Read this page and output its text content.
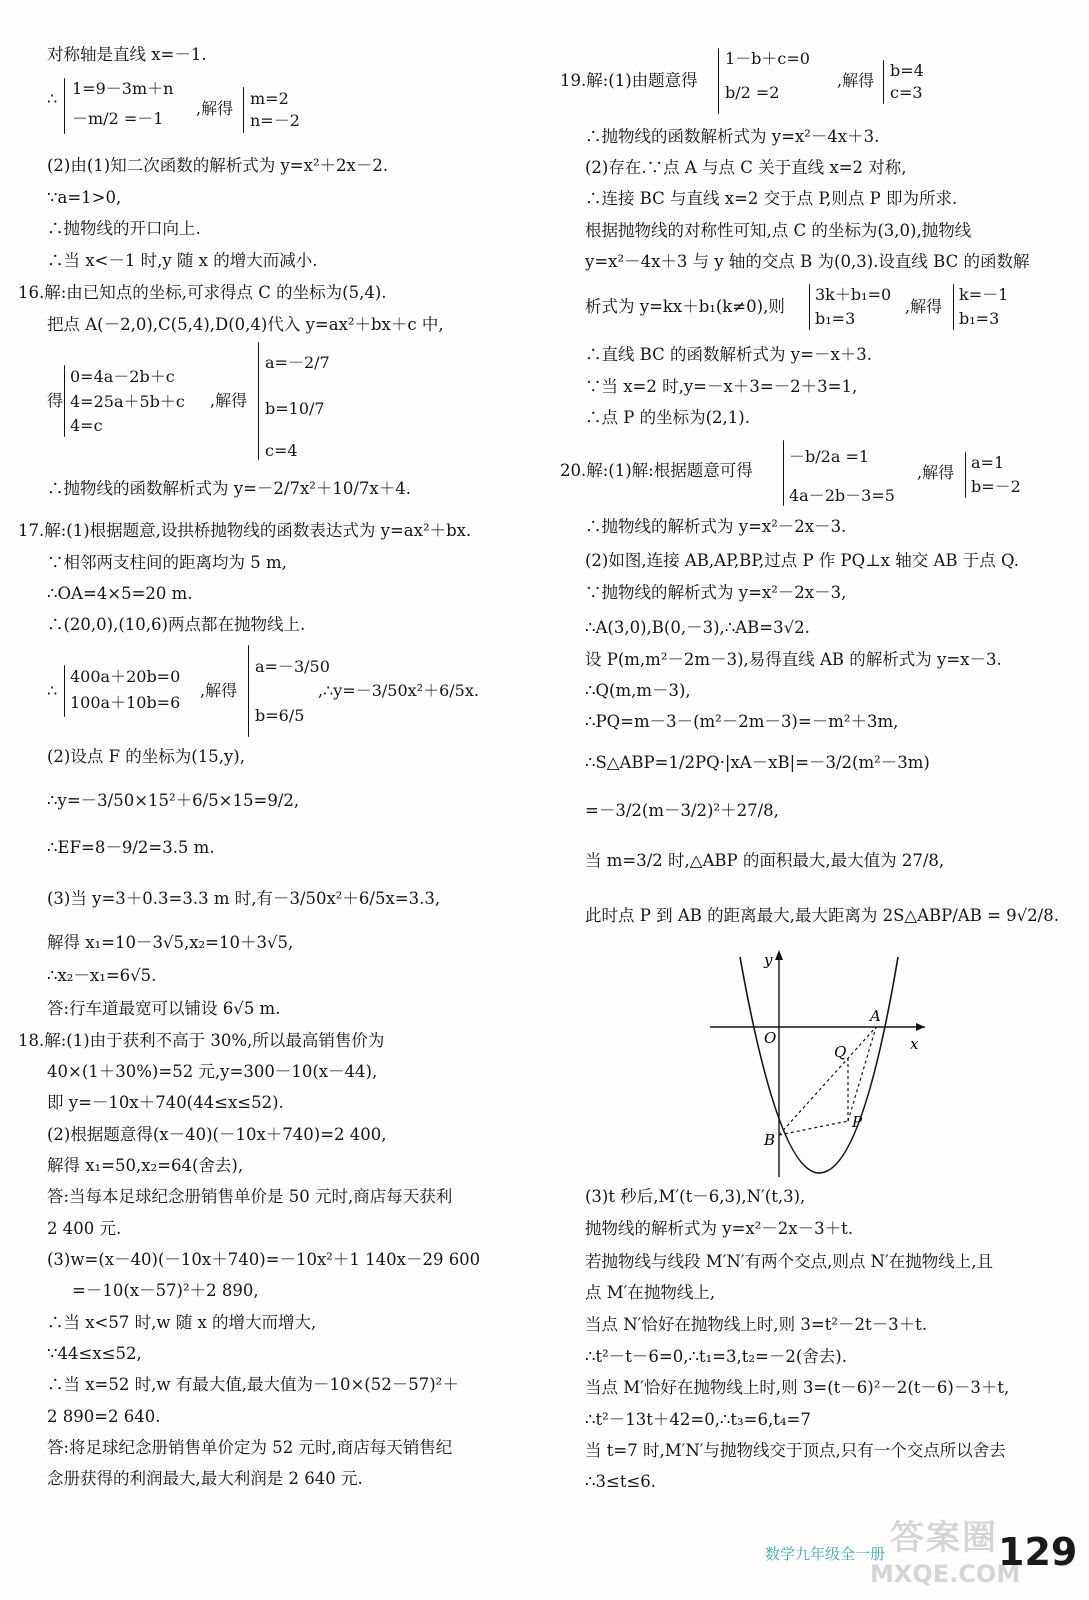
对称轴是直线 x=－1.
∴
1=9－3m＋n
－m/2 =－1
,解得
m=2
n=－2
(2)由(1)知二次函数的解析式为 y=x²＋2x－2.
∵a=1>0,
∴抛物线的开口向上.
∴当 x<－1 时,y 随 x 的增大而减小.
16.解:由已知点的坐标,可求得点 C 的坐标为(5,4).
把点 A(－2,0),C(5,4),D(0,4)代入 y=ax²＋bx＋c 中,
得
0=4a－2b＋c
4=25a＋5b＋c
4=c
,解得
a=－2/7
b=10/7
c=4
∴抛物线的函数解析式为 y=－2/7x²＋10/7x＋4.
17.解:(1)根据题意,设拱桥抛物线的函数表达式为 y=ax²＋bx.
∵相邻两支柱间的距离均为 5 m,
∴OA=4×5=20 m.
∴(20,0),(10,6)两点都在抛物线上.
∴
400a＋20b=0
100a＋10b=6
,解得
a=－3/50
b=6/5
,∴y=－3/50x²＋6/5x.
(2)设点 F 的坐标为(15,y),
∴y=－3/50×15²＋6/5×15=9/2,
∴EF=8－9/2=3.5 m.
(3)当 y=3＋0.3=3.3 m 时,有－3/50x²＋6/5x=3.3,
解得 x₁=10－3√5,x₂=10＋3√5,
∴x₂－x₁=6√5.
答:行车道最宽可以铺设 6√5 m.
18.解:(1)由于获利不高于 30%,所以最高销售价为
40×(1＋30%)=52 元,y=300－10(x－44),
即 y=－10x＋740(44≤x≤52).
(2)根据题意得(x－40)(－10x＋740)=2 400,
解得 x₁=50,x₂=64(舍去),
答:当每本足球纪念册销售单价是 50 元时,商店每天获利
2 400 元.
(3)w=(x－40)(－10x＋740)=－10x²＋1 140x－29 600
=－10(x－57)²＋2 890,
∴当 x<57 时,w 随 x 的增大而增大,
∵44≤x≤52,
∴当 x=52 时,w 有最大值,最大值为－10×(52－57)²＋
2 890=2 640.
答:将足球纪念册销售单价定为 52 元时,商店每天销售纪
念册获得的利润最大,最大利润是 2 640 元.
19.解:(1)由题意得
1－b＋c=0
b/2 =2
,解得
b=4
c=3
∴抛物线的函数解析式为 y=x²－4x＋3.
(2)存在.∵点 A 与点 C 关于直线 x=2 对称,
∴连接 BC 与直线 x=2 交于点 P,则点 P 即为所求.
根据抛物线的对称性可知,点 C 的坐标为(3,0),抛物线
y=x²－4x＋3 与 y 轴的交点 B 为(0,3).设直线 BC 的函数解
析式为 y=kx＋b₁(k≠0),则
3k＋b₁=0
b₁=3
,解得
k=－1
b₁=3
∴直线 BC 的函数解析式为 y=－x＋3.
∵当 x=2 时,y=－x＋3=－2＋3=1,
∴点 P 的坐标为(2,1).
20.解:(1)解:根据题意可得
－b/2a =1
4a－2b－3=5
,解得
a=1
b=－2
∴抛物线的解析式为 y=x²－2x－3.
(2)如图,连接 AB,AP,BP,过点 P 作 PQ⊥x 轴交 AB 于点 Q.
∵抛物线的解析式为 y=x²－2x－3,
∴A(3,0),B(0,－3),∴AB=3√2.
设 P(m,m²－2m－3),易得直线 AB 的解析式为 y=x－3.
∴Q(m,m－3),
∴PQ=m－3－(m²－2m－3)=－m²＋3m,
∴S△ABP=1/2PQ·|xA－xB|=－3/2(m²－3m)
=－3/2(m－3/2)²＋27/8,
当 m=3/2 时,△ABP 的面积最大,最大值为 27/8,
此时点 P 到 AB 的距离最大,最大距离为 2S△ABP/AB = 9√2/8.
y
x
O
A
B
P
Q
(3)t 秒后,M′(t－6,3),N′(t,3),
抛物线的解析式为 y=x²－2x－3＋t.
若抛物线与线段 M′N′有两个交点,则点 N′在抛物线上,且
点 M′在抛物线上,
当点 N′恰好在抛物线上时,则 3=t²－2t－3＋t.
∴t²－t－6=0,∴t₁=3,t₂=－2(舍去).
当点 M′恰好在抛物线上时,则 3=(t－6)²－2(t－6)－3＋t,
∴t²－13t＋42=0,∴t₃=6,t₄=7
当 t=7 时,M′N′与抛物线交于顶点,只有一个交点所以舍去
∴3≤t≤6.
答案圈
MXQE.COM
数学九年级全一册	129
